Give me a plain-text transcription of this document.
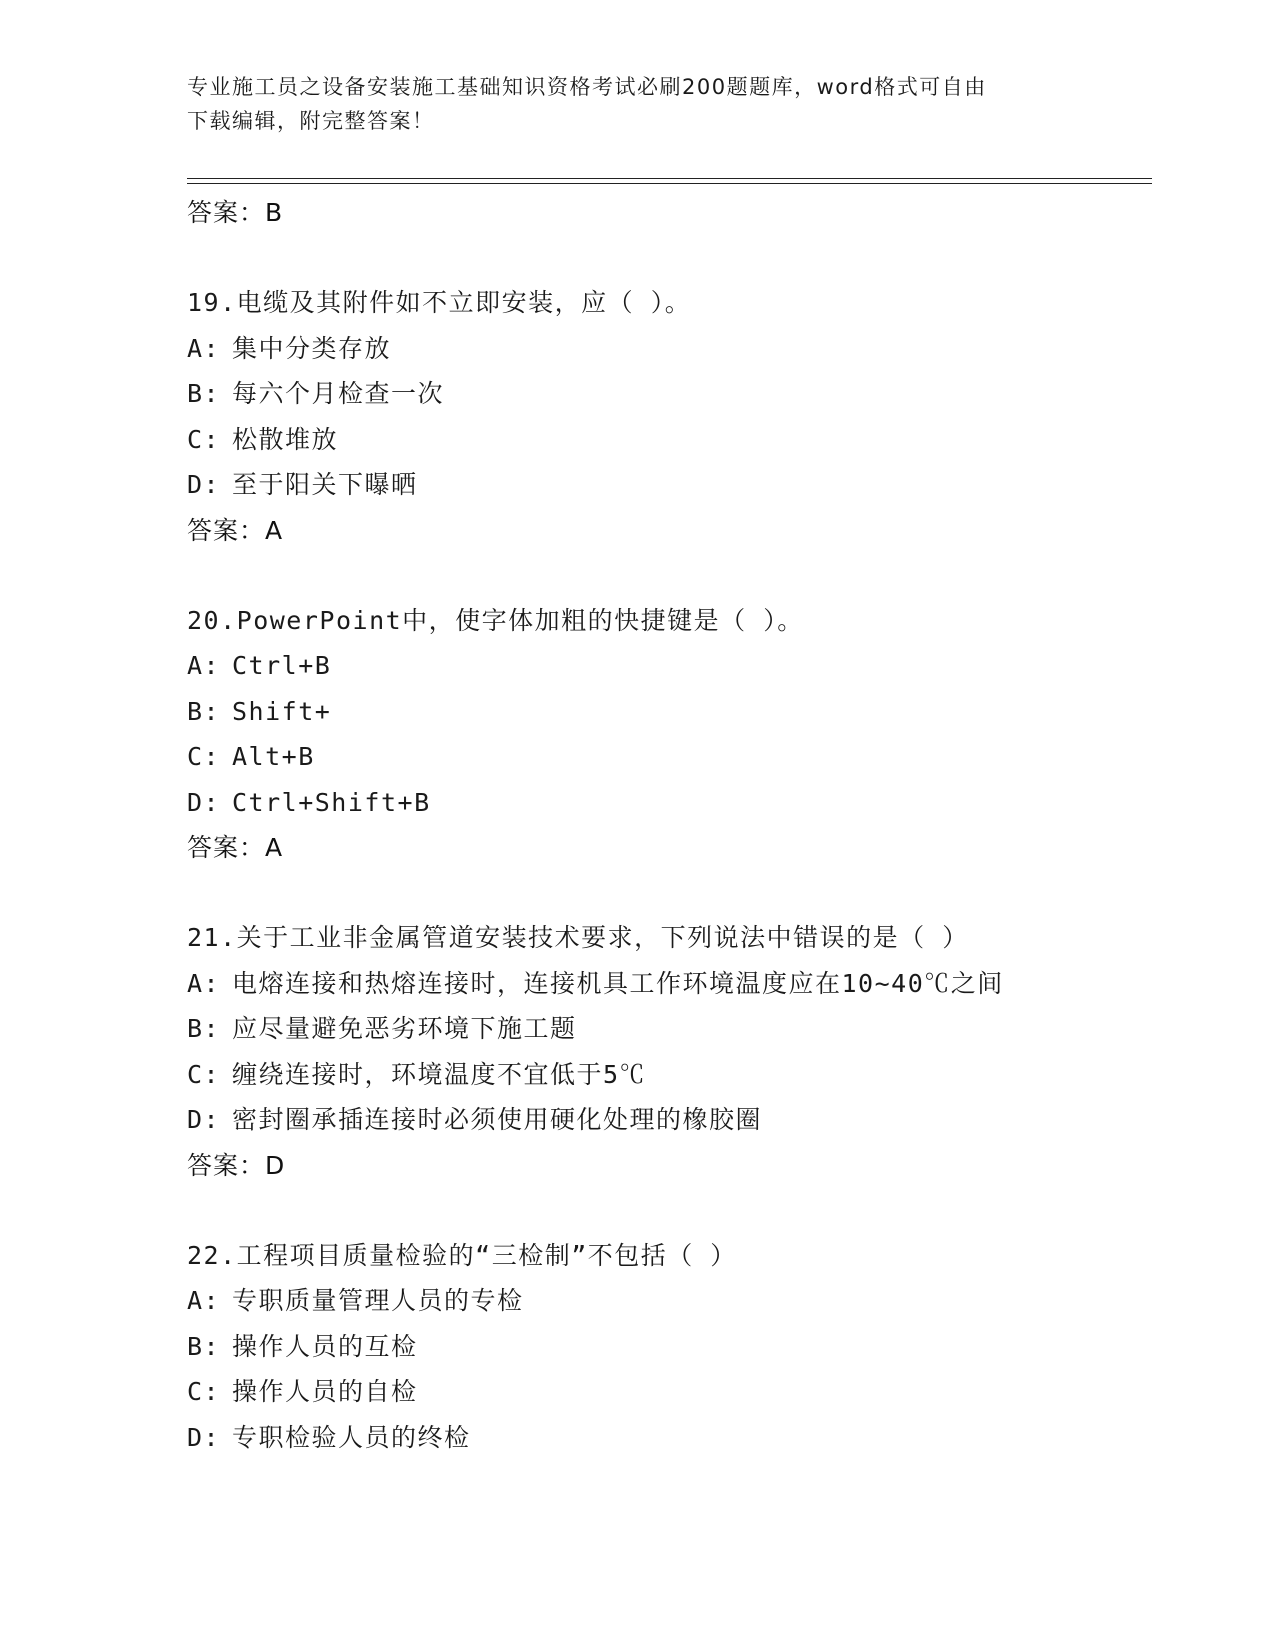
专业施工员之设备安装施工基础知识资格考试必刷200题题库，word格式可自由
下载编辑，附完整答案！
答案：B
19.电缆及其附件如不立即安装，应（ ）。
A: 集中分类存放
B: 每六个月检查一次
C: 松散堆放
D: 至于阳关下曝晒
答案：A
20.PowerPoint中，使字体加粗的快捷键是（ ）。
A: Ctrl+B
B: Shift+
C: Alt+B
D: Ctrl+Shift+B
答案：A
21.关于工业非金属管道安装技术要求，下列说法中错误的是（ ）
A: 电熔连接和热熔连接时，连接机具工作环境温度应在10~40℃之间
B: 应尽量避免恶劣环境下施工题
C: 缠绕连接时，环境温度不宜低于5℃
D: 密封圈承插连接时必须使用硬化处理的橡胶圈
答案：D
22.工程项目质量检验的“三检制”不包括（ ）
A: 专职质量管理人员的专检
B: 操作人员的互检
C: 操作人员的自检
D: 专职检验人员的终检
